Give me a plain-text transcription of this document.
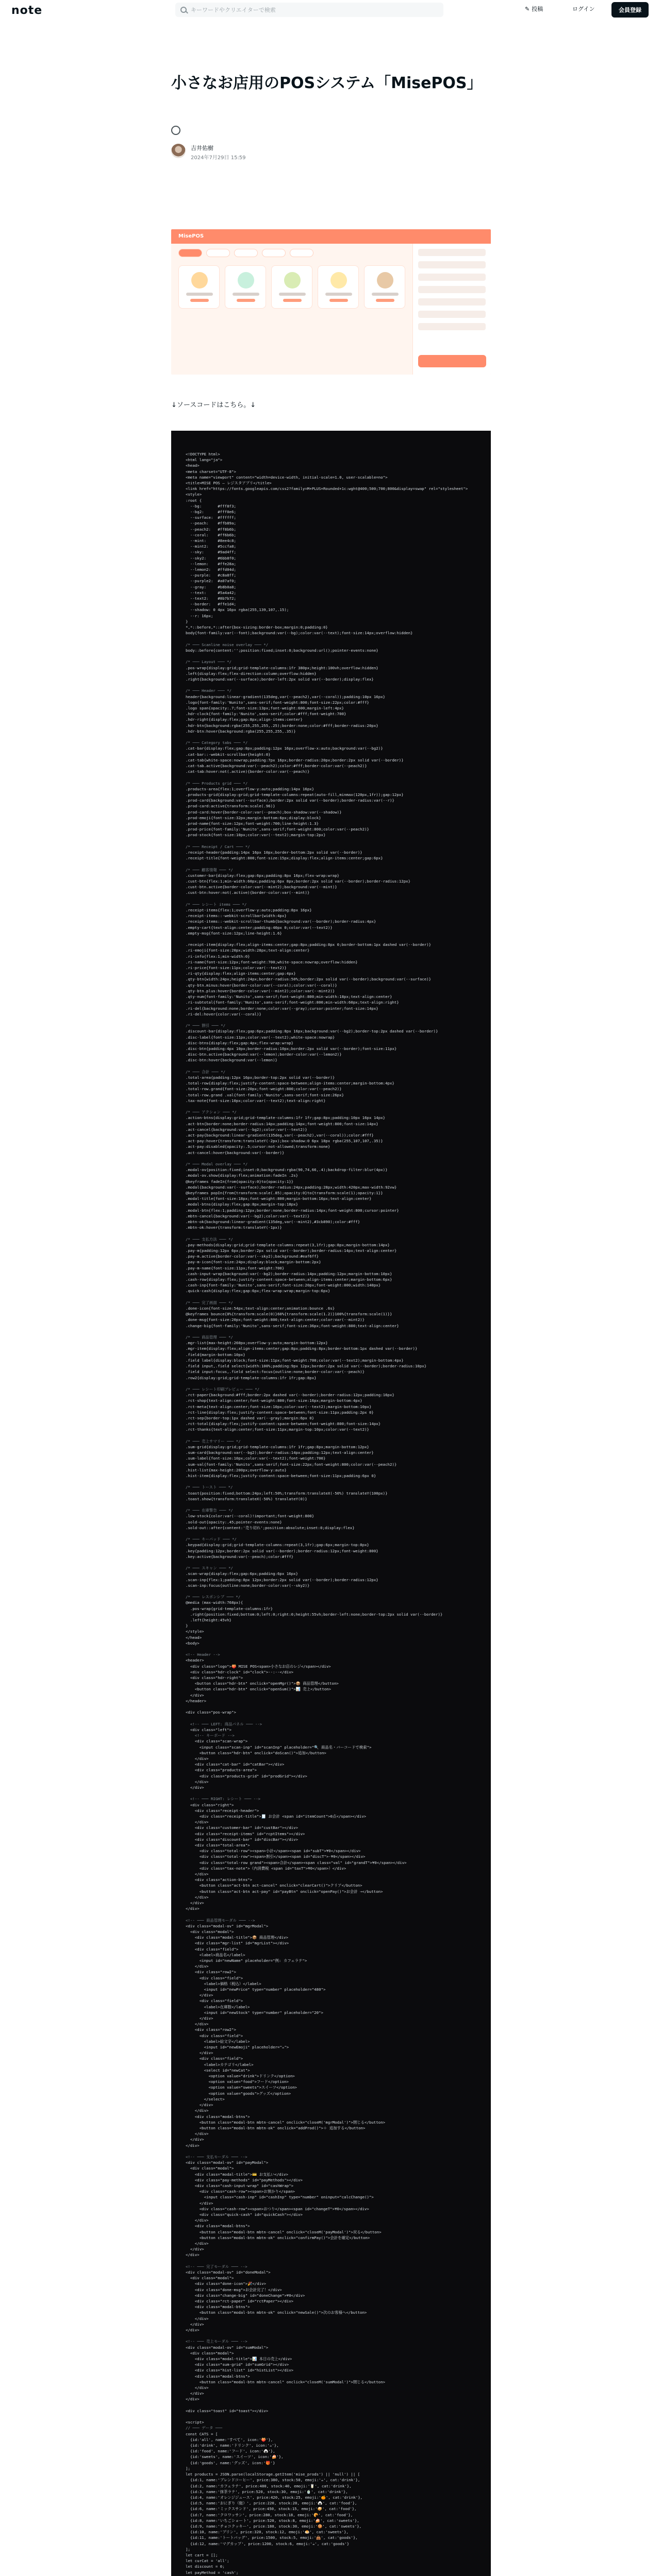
note	キーワードやクリエイターで検索	✎ 投稿	ログイン	会員登録
小さなお店用のPOSシステム「MisePOS」
吉井佑樹
2024年7月29日 15:59
MisePOS
↓ソースコードはこちら。↓
<!DOCTYPE html>
<html lang="ja">
<head>
<meta charset="UTF-8">
<meta name="viewport" content="width=device-width, initial-scale=1.0, user-scalable=no">
<title>MISE POS — レジスタアプリ</title>
<link href="https://fonts.googleapis.com/css2?family=M+PLUS+Rounded+1c:wght@400;500;700;800&display=swap" rel="stylesheet">
<style>
:root {
--bg:       #fff8f3;
--bg2:      #fff0e6;
--surface:  #ffffff;
--peach:    #ffb89a;
--peach2:   #ff8b6b;
--coral:    #ff6b6b;
--mint:     #8ee4c8;
--mint2:    #5ccfa8;
--sky:      #9ad4ff;
--sky2:     #6bb8f0;
--lemon:    #ffe28a;
--lemon2:   #ffd04d;
--purple:   #c8a8ff;
--purple2:  #a07af0;
--gray:     #b8b0a8;
--text:     #5a4a42;
--text2:    #8b7b72;
--border:   #ffe1d4;
--shadow: 0 4px 16px rgba(255,139,107,.15);
--r: 16px;
}
*,*::before,*::after{box-sizing:border-box;margin:0;padding:0}
body{font-family:var(--font);background:var(--bg);color:var(--text);font-size:14px;overflow:hidden}

/* ─── Scanline noise overlay ─── */
body::before{content:'';position:fixed;inset:0;background:url();pointer-events:none}

/* ─── Layout ─── */
.pos-wrap{display:grid;grid-template-columns:1fr 380px;height:100vh;overflow:hidden}
.left{display:flex;flex-direction:column;overflow:hidden}
.right{background:var(--surface);border-left:2px solid var(--border);display:flex}

/* ─── Header ─── */
header{background:linear-gradient(135deg,var(--peach2),var(--coral));padding:10px 16px}
.logo{font-family:'Nunito',sans-serif;font-weight:800;font-size:22px;color:#fff}
.logo span{opacity:.7;font-size:13px;font-weight:600;margin-left:4px}
.hdr-clock{font-family:'Nunito',sans-serif;color:#fff;font-weight:700}
.hdr-right{display:flex;gap:8px;align-items:center}
.hdr-btn{background:rgba(255,255,255,.25);border:none;color:#fff;border-radius:20px}
.hdr-btn:hover{background:rgba(255,255,255,.35)}

/* ─── Category tabs ─── */
.cat-bar{display:flex;gap:8px;padding:12px 16px;overflow-x:auto;background:var(--bg2)}
.cat-bar::-webkit-scrollbar{height:0}
.cat-tab{white-space:nowrap;padding:7px 16px;border-radius:20px;border:2px solid var(--border)}
.cat-tab.active{background:var(--peach2);color:#fff;border-color:var(--peach2)}
.cat-tab:hover:not(.active){border-color:var(--peach)}

/* ─── Products grid ─── */
.products-area{flex:1;overflow-y:auto;padding:14px 16px}
.products-grid{display:grid;grid-template-columns:repeat(auto-fill,minmax(120px,1fr));gap:12px}
.prod-card{background:var(--surface);border:2px solid var(--border);border-radius:var(--r)}
.prod-card:active{transform:scale(.96)}
.prod-card:hover{border-color:var(--peach);box-shadow:var(--shadow)}
.prod-emoji{font-size:32px;margin-bottom:6px;display:block}
.prod-name{font-size:12px;font-weight:700;line-height:1.3}
.prod-price{font-family:'Nunito',sans-serif;font-weight:800;color:var(--peach2)}
.prod-stock{font-size:10px;color:var(--text2);margin-top:2px}

/* ─── Receipt / Cart ─── */
.receipt-header{padding:14px 16px 10px;border-bottom:2px solid var(--border)}
.receipt-title{font-weight:800;font-size:15px;display:flex;align-items:center;gap:6px}

/* ─── 顧客情報 ─── */
.customer-bar{display:flex;gap:6px;padding:8px 16px;flex-wrap:wrap}
.cust-btn{flex:1;min-width:60px;padding:6px 8px;border:2px solid var(--border);border-radius:12px}
.cust-btn.active{border-color:var(--mint2);background:var(--mint)}
.cust-btn:hover:not(.active){border-color:var(--mint)}

/* ─── レシート items ─── */
.receipt-items{flex:1;overflow-y:auto;padding:8px 16px}
.receipt-items::-webkit-scrollbar{width:4px}
.receipt-items::-webkit-scrollbar-thumb{background:var(--border);border-radius:4px}
.empty-cart{text-align:center;padding:40px 0;color:var(--text2)}
.empty-msg{font-size:12px;line-height:1.6}

.receipt-item{display:flex;align-items:center;gap:8px;padding:8px 0;border-bottom:1px dashed var(--border)}
.ri-emoji{font-size:20px;width:28px;text-align:center}
.ri-info{flex:1;min-width:0}
.ri-name{font-size:12px;font-weight:700;white-space:nowrap;overflow:hidden}
.ri-price{font-size:11px;color:var(--text2)}
.ri-qty{display:flex;align-items:center;gap:4px}
.qty-btn{width:24px;height:24px;border-radius:50%;border:2px solid var(--border);background:var(--surface)}
.qty-btn.minus:hover{border-color:var(--coral);color:var(--coral)}
.qty-btn.plus:hover{border-color:var(--mint2);color:var(--mint2)}
.qty-num{font-family:'Nunito',sans-serif;font-weight:800;min-width:18px;text-align:center}
.ri-subtotal{font-family:'Nunito',sans-serif;font-weight:800;min-width:60px;text-align:right}
.ri-del{background:none;border:none;color:var(--gray);cursor:pointer;font-size:14px}
.ri-del:hover{color:var(--coral)}

/* ─── 割引 ─── */
.discount-bar{display:flex;gap:6px;padding:8px 16px;background:var(--bg2);border-top:2px dashed var(--border)}
.disc-label{font-size:11px;color:var(--text2);white-space:nowrap}
.disc-btns{display:flex;gap:4px;flex-wrap:wrap}
.disc-btn{padding:4px 10px;border-radius:10px;border:2px solid var(--border);font-size:11px}
.disc-btn.active{background:var(--lemon);border-color:var(--lemon2)}
.disc-btn:hover{background:var(--lemon)}

/* ─── 合計 ─── */
.total-area{padding:12px 16px;border-top:2px solid var(--border)}
.total-row{display:flex;justify-content:space-between;align-items:center;margin-bottom:4px}
.total-row.grand{font-size:20px;font-weight:800;color:var(--peach2)}
.total-row.grand .val{font-family:'Nunito',sans-serif;font-size:26px}
.tax-note{font-size:10px;color:var(--text2);text-align:right}

/* ─── アクション ─── */
.action-btns{display:grid;grid-template-columns:1fr 1fr;gap:8px;padding:10px 16px 14px}
.act-btn{border:none;border-radius:14px;padding:14px;font-weight:800;font-size:14px}
.act-cancel{background:var(--bg2);color:var(--text2)}
.act-pay{background:linear-gradient(135deg,var(--peach2),var(--coral));color:#fff}
.act-pay:hover{transform:translateY(-2px);box-shadow:0 6px 18px rgba(255,107,107,.35)}
.act-pay:disabled{opacity:.5;cursor:not-allowed;transform:none}
.act-cancel:hover{background:var(--border)}

/* ─── Modal overlay ─── */
.modal-ov{position:fixed;inset:0;background:rgba(90,74,66,.4);backdrop-filter:blur(4px)}
.modal-ov.show{display:flex;animation:fadeIn .2s}
@keyframes fadeIn{from{opacity:0}to{opacity:1}}
.modal{background:var(--surface);border-radius:24px;padding:28px;width:420px;max-width:92vw}
@keyframes popIn{from{transform:scale(.85);opacity:0}to{transform:scale(1);opacity:1}}
.modal-title{font-size:18px;font-weight:800;margin-bottom:16px;text-align:center}
.modal-btns{display:flex;gap:8px;margin-top:18px}
.modal-btn{flex:1;padding:12px;border:none;border-radius:14px;font-weight:800;cursor:pointer}
.mbtn-cancel{background:var(--bg2);color:var(--text2)}
.mbtn-ok{background:linear-gradient(135deg,var(--mint2),#3cb890);color:#fff}
.mbtn-ok:hover{transform:translateY(-1px)}

/* ─── 支払方法 ─── */
.pay-methods{display:grid;grid-template-columns:repeat(3,1fr);gap:8px;margin-bottom:14px}
.pay-m{padding:12px 6px;border:2px solid var(--border);border-radius:14px;text-align:center}
.pay-m.active{border-color:var(--sky2);background:#eaf6ff}
.pay-m-icon{font-size:24px;display:block;margin-bottom:2px}
.pay-m-name{font-size:11px;font-weight:700}
.cash-input-wrap{background:var(--bg2);border-radius:14px;padding:12px;margin-bottom:10px}
.cash-row{display:flex;justify-content:space-between;align-items:center;margin-bottom:6px}
.cash-inp{font-family:'Nunito',sans-serif;font-size:20px;font-weight:800;width:140px}
.quick-cash{display:flex;gap:6px;flex-wrap:wrap;margin-top:6px}

/* ─── 完了画面 ─── */
.done-icon{font-size:54px;text-align:center;animation:bounce .6s}
@keyframes bounce{0%{transform:scale(0)}60%{transform:scale(1.2)}100%{transform:scale(1)}}
.done-msg{font-size:20px;font-weight:800;text-align:center;color:var(--mint2)}
.change-big{font-family:'Nunito',sans-serif;font-size:36px;font-weight:800;text-align:center}

/* ─── 商品管理 ─── */
.mgr-list{max-height:260px;overflow-y:auto;margin-bottom:12px}
.mgr-item{display:flex;align-items:center;gap:8px;padding:8px;border-bottom:1px dashed var(--border)}
.field{margin-bottom:10px}
.field label{display:block;font-size:11px;font-weight:700;color:var(--text2);margin-bottom:4px}
.field input,.field select{width:100%;padding:9px 12px;border:2px solid var(--border);border-radius:10px}
.field input:focus,.field select:focus{outline:none;border-color:var(--peach)}
.row2{display:grid;grid-template-columns:1fr 1fr;gap:8px}

/* ─── レシート印刷プレビュー ─── */
.rct-paper{background:#fff;border:2px dashed var(--border);border-radius:12px;padding:16px}
.rct-shop{text-align:center;font-weight:800;font-size:16px;margin-bottom:4px}
.rct-meta{text-align:center;font-size:10px;color:var(--text2);margin-bottom:10px}
.rct-line{display:flex;justify-content:space-between;font-size:11px;padding:2px 0}
.rct-sep{border-top:1px dashed var(--gray);margin:6px 0}
.rct-total{display:flex;justify-content:space-between;font-weight:800;font-size:14px}
.rct-thanks{text-align:center;font-size:11px;margin-top:10px;color:var(--text2)}

/* ─── 売上サマリー ─── */
.sum-grid{display:grid;grid-template-columns:1fr 1fr;gap:8px;margin-bottom:12px}
.sum-card{background:var(--bg2);border-radius:14px;padding:12px;text-align:center}
.sum-label{font-size:10px;color:var(--text2);font-weight:700}
.sum-val{font-family:'Nunito',sans-serif;font-size:22px;font-weight:800;color:var(--peach2)}
.hist-list{max-height:200px;overflow-y:auto}
.hist-item{display:flex;justify-content:space-between;font-size:11px;padding:6px 0}

/* ─── トースト ─── */
.toast{position:fixed;bottom:24px;left:50%;transform:translateX(-50%) translateY(100px)}
.toast.show{transform:translateX(-50%) translateY(0)}

/* ─── 在庫警告 ─── */
.low-stock{color:var(--coral)!important;font-weight:800}
.sold-out{opacity:.45;pointer-events:none}
.sold-out::after{content:'売り切れ';position:absolute;inset:0;display:flex}

/* ─── キーパッド ─── */
.keypad{display:grid;grid-template-columns:repeat(3,1fr);gap:6px;margin-top:8px}
.key{padding:12px;border:2px solid var(--border);border-radius:12px;font-weight:800}
.key:active{background:var(--peach);color:#fff}

/* ─── スキャン ─── */
.scan-wrap{display:flex;gap:6px;padding:6px 16px}
.scan-inp{flex:1;padding:8px 12px;border:2px solid var(--border);border-radius:12px}
.scan-inp:focus{outline:none;border-color:var(--sky2)}

/* ─── レスポンシブ ─── */
@media (max-width:768px){
.pos-wrap{grid-template-columns:1fr}
.right{position:fixed;bottom:0;left:0;right:0;height:55vh;border-left:none;border-top:2px solid var(--border)}
.left{height:45vh}
}
</style>
</head>
<body>

<!-- Header -->
<header>
<div class="logo">🍑 MISE POS<span>小さなお店のレジ</span></div>
<div class="hdr-clock" id="clock">--:--</div>
<div class="hdr-right">
<button class="hdr-btn" onclick="openMgr()">📦 商品管理</button>
<button class="hdr-btn" onclick="openSum()">📊 売上</button>
</div>
</header>

<div class="pos-wrap">

<!-- ─── LEFT: 商品パネル ─── -->
<div class="left">
<!-- キーボード -->
<div class="scan-wrap">
<input class="scan-inp" id="scanInp" placeholder="🔍 商品名・バーコードで検索">
<button class="hdr-btn" onclick="doScan()">追加</button>
</div>
<div class="cat-bar" id="catBar"></div>
<div class="products-area">
<div class="products-grid" id="prodGrid"></div>
</div>
</div>

<!-- ─── RIGHT: レシート ─── -->
<div class="right">
<div class="receipt-header">
<div class="receipt-title">🧾 お会計 <span id="itemCount">0点</span></div>
</div>
<div class="customer-bar" id="custBar"></div>
<div class="receipt-items" id="rcptItems"></div>
<div class="discount-bar" id="discBar"></div>
<div class="total-area">
<div class="total-row"><span>小計</span><span id="subT">¥0</span></div>
<div class="total-row"><span>割引</span><span id="discT">-¥0</span></div>
<div class="total-row grand"><span>合計</span><span class="val" id="grandT">¥0</span></div>
<div class="tax-note">（内消費税 <span id="taxT">¥0</span>）</div>
</div>
<div class="action-btns">
<button class="act-btn act-cancel" onclick="clearCart()">クリア</button>
<button class="act-btn act-pay" id="payBtn" onclick="openPay()">お会計 →</button>
</div>
</div>
</div>

<!-- ─── 商品管理モーダル ─── -->
<div class="modal-ov" id="mgrModal">
<div class="modal">
<div class="modal-title">📦 商品管理</div>
<div class="mgr-list" id="mgrList"></div>
<div class="field">
<label>商品名</label>
<input id="newName" placeholder="例: カフェラテ">
</div>
<div class="row2">
<div class="field">
<label>価格（税込）</label>
<input id="newPrice" type="number" placeholder="480">
</div>
<div class="field">
<label>在庫数</label>
<input id="newStock" type="number" placeholder="20">
</div>
</div>
<div class="row2">
<div class="field">
<label>絵文字</label>
<input id="newEmoji" placeholder="☕">
</div>
<div class="field">
<label>カテゴリ</label>
<select id="newCat">
<option value="drink">ドリンク</option>
<option value="food">フード</option>
<option value="sweets">スイーツ</option>
<option value="goods">グッズ</option>
</select>
</div>
</div>
<div class="modal-btns">
<button class="modal-btn mbtn-cancel" onclick="closeM('mgrModal')">閉じる</button>
<button class="modal-btn mbtn-ok" onclick="addProd()">＋ 追加する</button>
</div>
</div>
</div>

<!-- ─── 支払モーダル ─── -->
<div class="modal-ov" id="payModal">
<div class="modal">
<div class="modal-title">💳 お支払い</div>
<div class="pay-methods" id="payMethods"></div>
<div class="cash-input-wrap" id="cashWrap">
<div class="cash-row"><span>お預かり</span>
<input class="cash-inp" id="cashInp" type="number" oninput="calcChange()">
</div>
<div class="cash-row"><span>おつり</span><span id="changeT">¥0</span></div>
<div class="quick-cash" id="quickCash"></div>
</div>
<div class="modal-btns">
<button class="modal-btn mbtn-cancel" onclick="closeM('payModal')">戻る</button>
<button class="modal-btn mbtn-ok" onclick="confirmPay()">会計を確定</button>
</div>
</div>
</div>

<!-- ─── 完了モーダル ─── -->
<div class="modal-ov" id="doneModal">
<div class="modal">
<div class="done-icon">🎉</div>
<div class="done-msg">お会計完了！</div>
<div class="change-big" id="doneChange">¥0</div>
<div class="rct-paper" id="rctPaper"></div>
<div class="modal-btns">
<button class="modal-btn mbtn-ok" onclick="newSale()">次のお客様へ</button>
</div>
</div>
</div>

<!-- ─── 売上モーダル ─── -->
<div class="modal-ov" id="sumModal">
<div class="modal">
<div class="modal-title">📊 本日の売上</div>
<div class="sum-grid" id="sumGrid"></div>
<div class="hist-list" id="histList"></div>
<div class="modal-btns">
<button class="modal-btn mbtn-cancel" onclick="closeM('sumModal')">閉じる</button>
</div>
</div>
</div>

<div class="toast" id="toast"></div>

<script>
// ─── データ ───
const CATS = [
{id:'all', name:'すべて', icon:'🍑'},
{id:'drink', name:'ドリンク', icon:'☕'},
{id:'food', name:'フード', icon:'🍙'},
{id:'sweets', name:'スイーツ', icon:'🍰'},
{id:'goods', name:'グッズ', icon:'🎁'}
];
let products = JSON.parse(localStorage.getItem('mise_prods') || 'null') || [
{id:1, name:'ブレンドコーヒー', price:380, stock:50, emoji:'☕', cat:'drink'},
{id:2, name:'カフェラテ', price:480, stock:40, emoji:'🥛', cat:'drink'},
{id:3, name:'抹茶ラテ', price:520, stock:30, emoji:'🍵', cat:'drink'},
{id:4, name:'オレンジジュース', price:420, stock:25, emoji:'🍊', cat:'drink'},
{id:5, name:'おにぎり（鮭）', price:220, stock:20, emoji:'🍙', cat:'food'},
{id:6, name:'ミックスサンド', price:450, stock:15, emoji:'🥪', cat:'food'},
{id:7, name:'クロワッサン', price:280, stock:18, emoji:'🥐', cat:'food'},
{id:8, name:'いちごショート', price:520, stock:8, emoji:'🍰', cat:'sweets'},
{id:9, name:'チョコクッキー', price:180, stock:30, emoji:'🍪', cat:'sweets'},
{id:10, name:'プリン', price:320, stock:12, emoji:'🍮', cat:'sweets'},
{id:11, name:'トートバッグ', price:1500, stock:5, emoji:'👜', cat:'goods'},
{id:12, name:'マグカップ', price:1200, stock:6, emoji:'☕', cat:'goods'}
];
let cart = [];
let curCat = 'all';
let discount = 0;
let payMethod = 'cash';
